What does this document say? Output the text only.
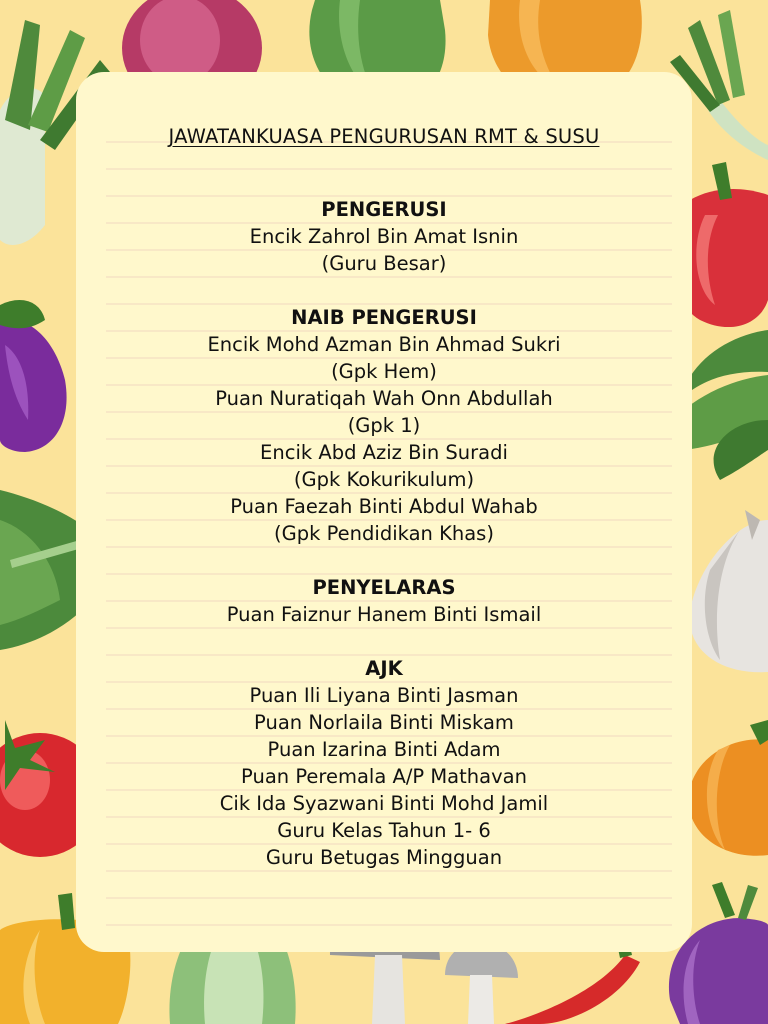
JAWATANKUASA PENGURUSAN RMT & SUSU
PENGERUSI
Encik Zahrol Bin Amat Isnin
(Guru Besar)
NAIB PENGERUSI
Encik Mohd Azman Bin Ahmad Sukri
(Gpk Hem)
Puan Nuratiqah Wah Onn Abdullah
(Gpk 1)
Encik Abd Aziz Bin Suradi
(Gpk Kokurikulum)
Puan Faezah Binti Abdul Wahab
(Gpk Pendidikan Khas)
PENYELARAS
Puan Faiznur Hanem Binti Ismail
AJK
Puan Ili Liyana Binti Jasman
Puan Norlaila Binti Miskam
Puan Izarina Binti Adam
Puan Peremala A/P Mathavan
Cik Ida Syazwani Binti Mohd Jamil
Guru Kelas Tahun 1- 6
Guru Betugas Mingguan
